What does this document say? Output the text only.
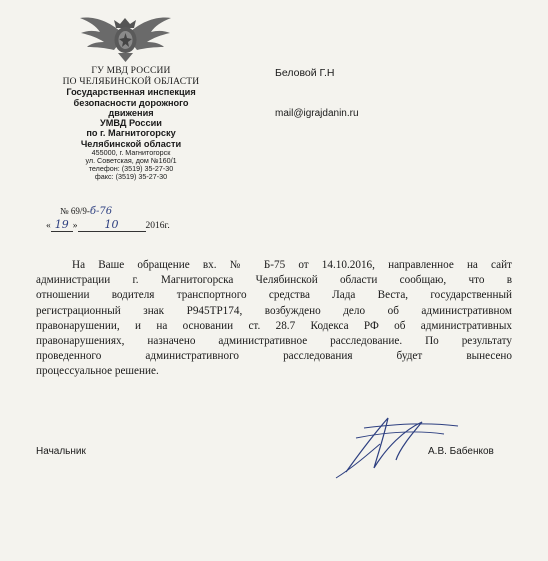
ГУ МВД РОССИИ
ПО ЧЕЛЯБИНСКОЙ ОБЛАСТИ
Государственная инспекция
безопасности дорожного
движения
УМВД России
по г. Магнитогорску
Челябинской области
455000, г. Магнитогорск
ул. Советская, дом №160/1
телефон: (3519) 35-27-30
факс: (3519) 35-27-30
№ 69/9-б-76
« 19 » 10	2016г.
Беловой Г.Н
mail@igrajdanin.ru
На Ваше обращение вх. № Б-75 от 14.10.2016, направленное на сайт
администрации г. Магнитогорска Челябинской области сообщаю, что в
отношении водителя транспортного средства Лада Веста, государственный
регистрационный знак Р945ТР174, возбуждено дело об административном
правонарушении, и на основании ст. 28.7 Кодекса РФ об административных
правонарушениях, назначено административное расследование. По результату
проведенного административного расследования будет вынесено
процессуальное решение.
Начальник	А.В. Бабенков
